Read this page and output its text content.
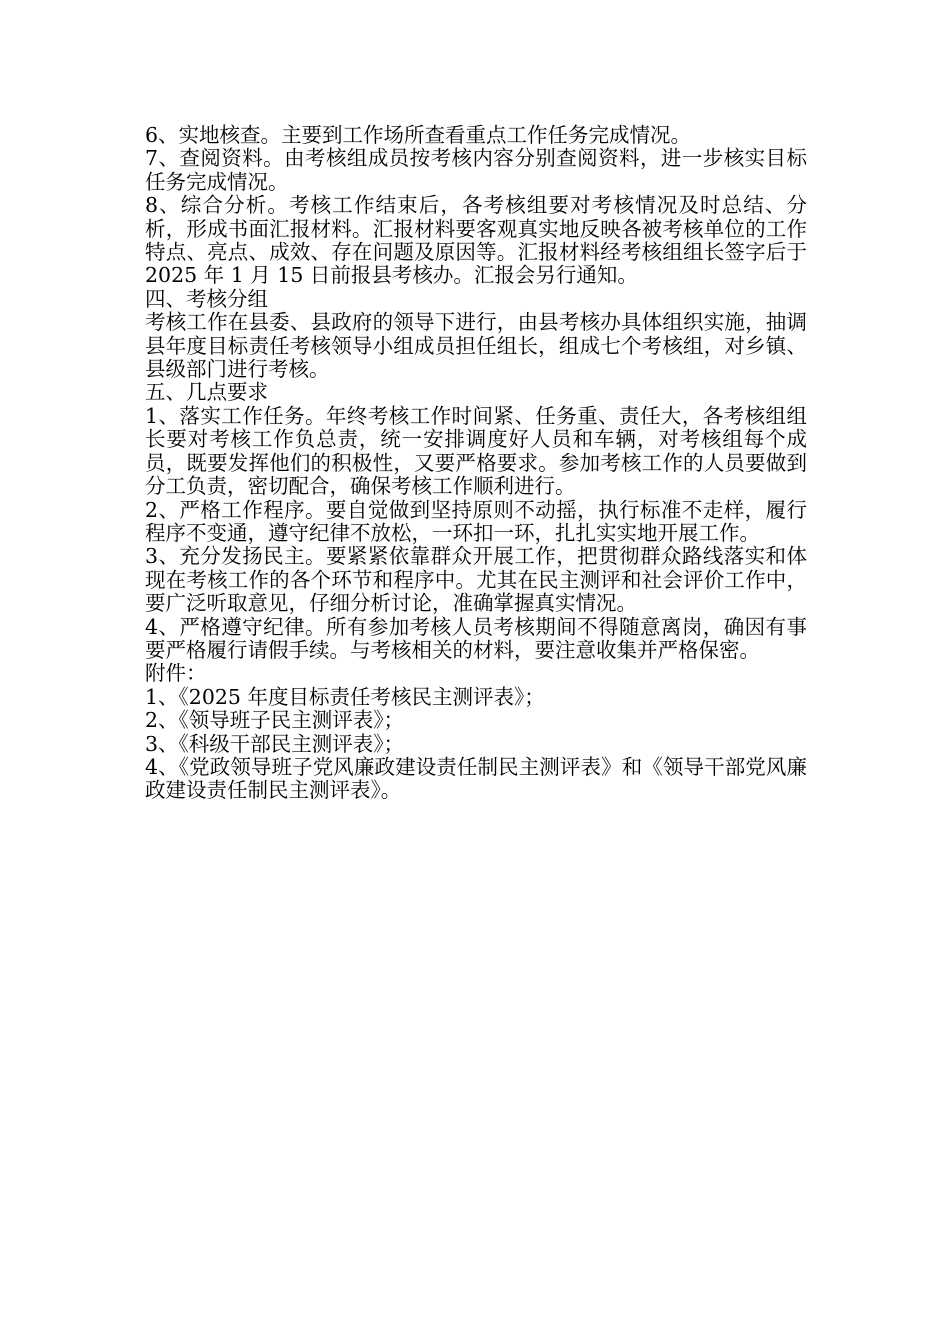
6、实地核查。主要到工作场所查看重点工作任务完成情况。

7、查阅资料。由考核组成员按考核内容分别查阅资料，进一步核实目标任务完成情况。

8、综合分析。考核工作结束后，各考核组要对考核情况及时总结、分析，形成书面汇报材料。汇报材料要客观真实地反映各被考核单位的工作特点、亮点、成效、存在问题及原因等。汇报材料经考核组组长签字后于 2025 年 1 月 15 日前报县考核办。汇报会另行通知。

四、考核分组

考核工作在县委、县政府的领导下进行，由县考核办具体组织实施，抽调县年度目标责任考核领导小组成员担任组长，组成七个考核组，对乡镇、县级部门进行考核。

五、几点要求

1、落实工作任务。年终考核工作时间紧、任务重、责任大，各考核组组长要对考核工作负总责，统一安排调度好人员和车辆，对考核组每个成员，既要发挥他们的积极性，又要严格要求。参加考核工作的人员要做到分工负责，密切配合，确保考核工作顺利进行。

2、严格工作程序。要自觉做到坚持原则不动摇，执行标准不走样，履行程序不变通，遵守纪律不放松，一环扣一环，扎扎实实地开展工作。

3、充分发扬民主。要紧紧依靠群众开展工作，把贯彻群众路线落实和体现在考核工作的各个环节和程序中。尤其在民主测评和社会评价工作中，要广泛听取意见，仔细分析讨论，准确掌握真实情况。

4、严格遵守纪律。所有参加考核人员考核期间不得随意离岗，确因有事要严格履行请假手续。与考核相关的材料，要注意收集并严格保密。

附件：

1、《2025 年度目标责任考核民主测评表》；

2、《领导班子民主测评表》；

3、《科级干部民主测评表》；

4、《党政领导班子党风廉政建设责任制民主测评表》和《领导干部党风廉政建设责任制民主测评表》。
